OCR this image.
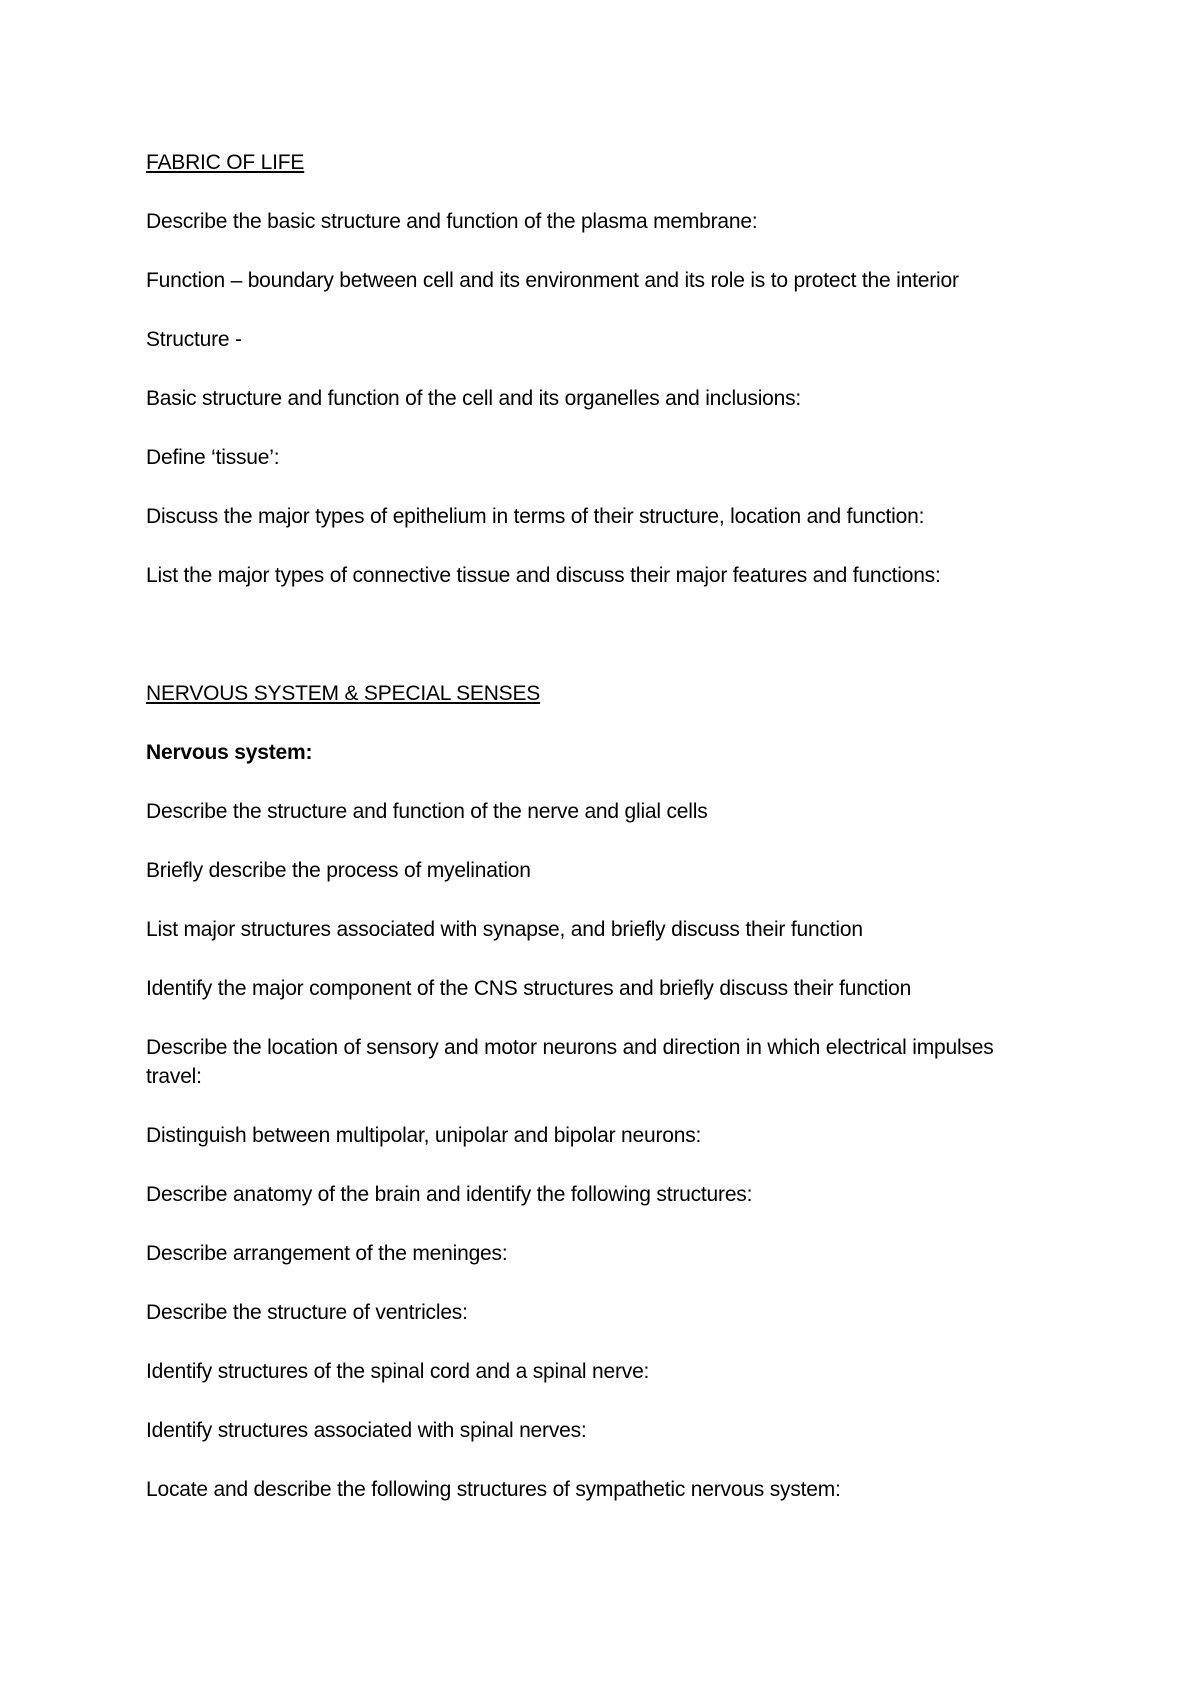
FABRIC OF LIFE
Describe the basic structure and function of the plasma membrane:
Function – boundary between cell and its environment and its role is to protect the interior
Structure -
Basic structure and function of the cell and its organelles and inclusions:
Define ‘tissue’:
Discuss the major types of epithelium in terms of their structure, location and function:
List the major types of connective tissue and discuss their major features and functions:
NERVOUS SYSTEM & SPECIAL SENSES
Nervous system:
Describe the structure and function of the nerve and glial cells
Briefly describe the process of myelination
List major structures associated with synapse, and briefly discuss their function
Identify the major component of the CNS structures and briefly discuss their function
Describe the location of sensory and motor neurons and direction in which electrical impulses travel:
Distinguish between multipolar, unipolar and bipolar neurons:
Describe anatomy of the brain and identify the following structures:
Describe arrangement of the meninges:
Describe the structure of ventricles:
Identify structures of the spinal cord and a spinal nerve:
Identify structures associated with spinal nerves:
Locate and describe the following structures of sympathetic nervous system:
